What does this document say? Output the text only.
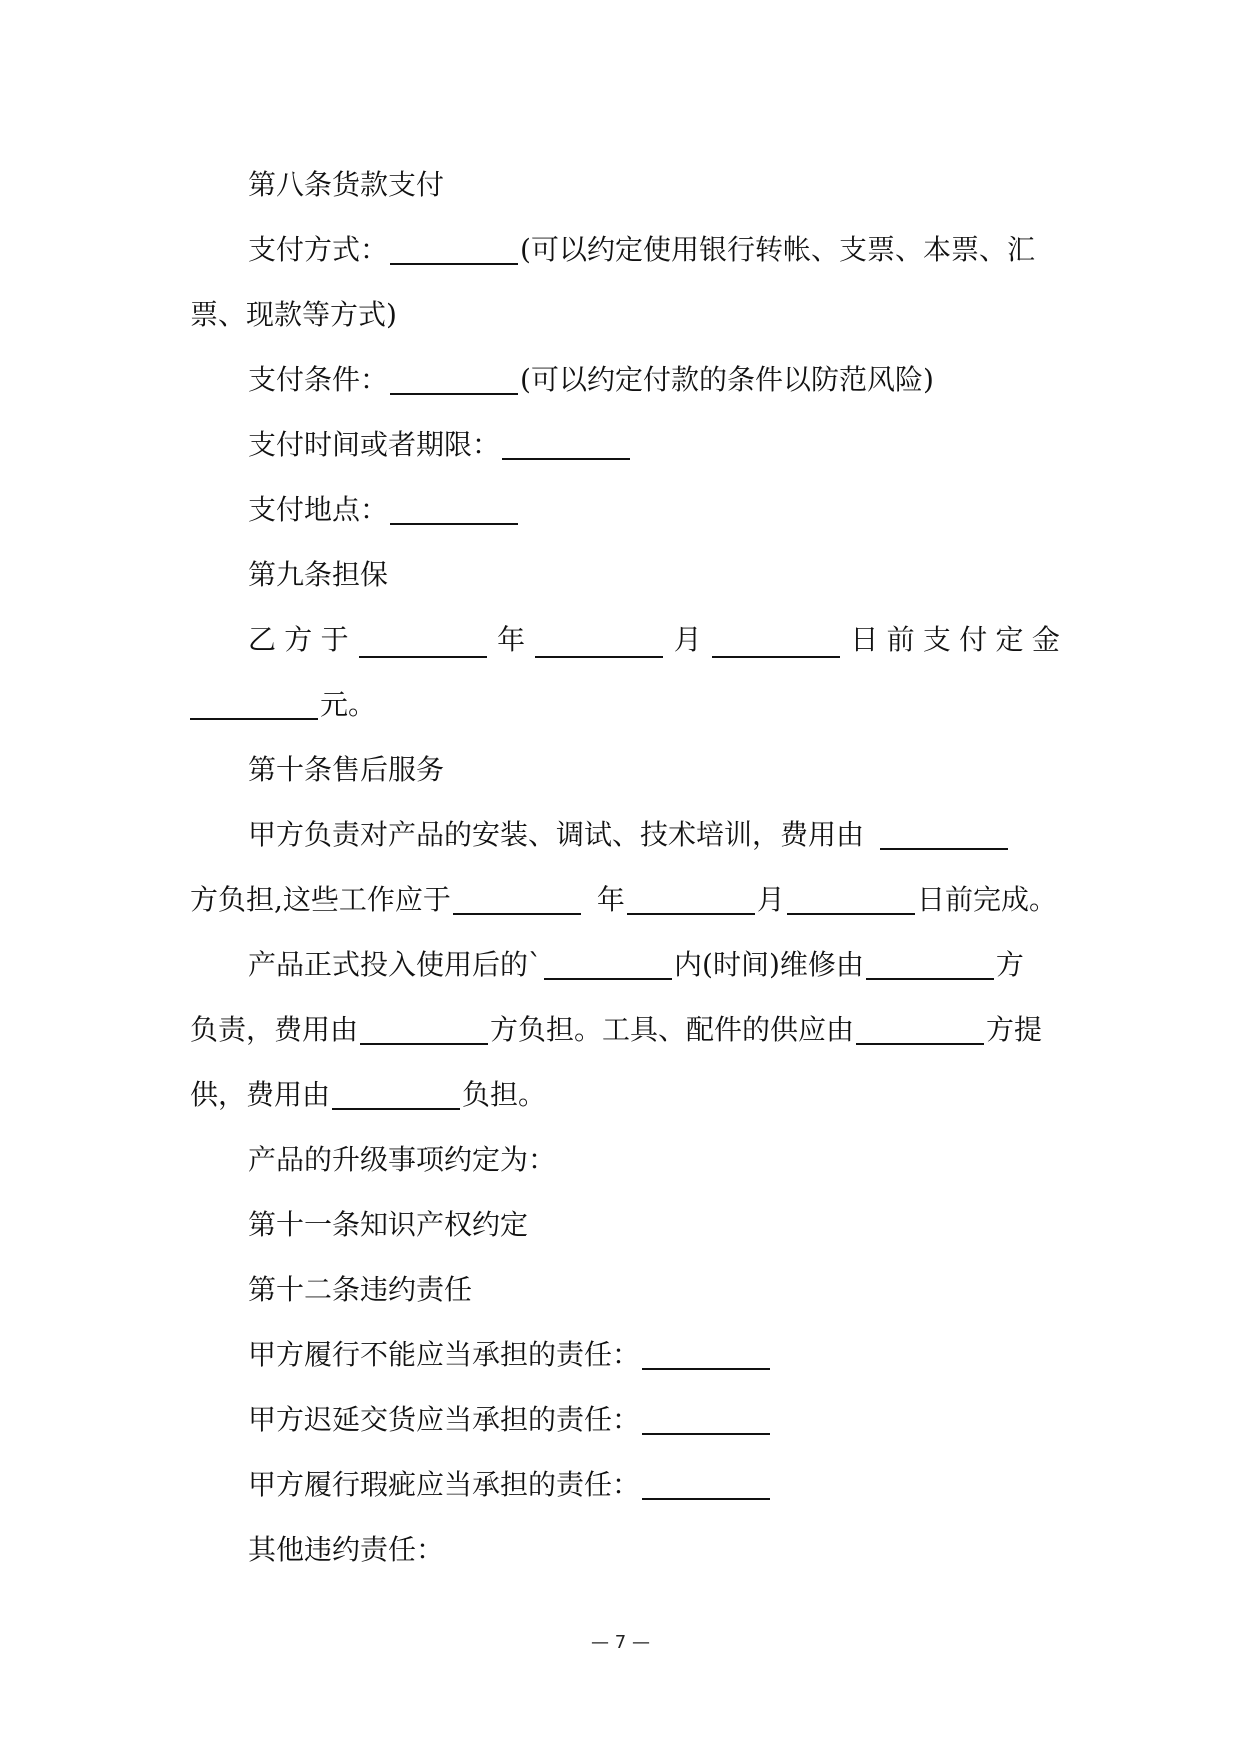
第八条货款支付
支付方式：	(可以约定使用银行转帐、支票、本票、汇
票、现款等方式)
支付条件：	(可以约定付款的条件以防范风险)
支付时间或者期限：
支付地点：
第九条担保
乙 方 于	年	月	日 前 支 付 定 金
元。
第十条售后服务
甲方负责对产品的安装、调试、技术培训，费用由
方负担,这些工作应于	年	月	日前完成。
产品正式投入使用后的`	内(时间)维修由	方
负责，费用由	方负担。工具、配件的供应由	方提
供，费用由	负担。
产品的升级事项约定为：
第十一条知识产权约定
第十二条违约责任
甲方履行不能应当承担的责任：
甲方迟延交货应当承担的责任：
甲方履行瑕疵应当承担的责任：
其他违约责任：
— 7 —
